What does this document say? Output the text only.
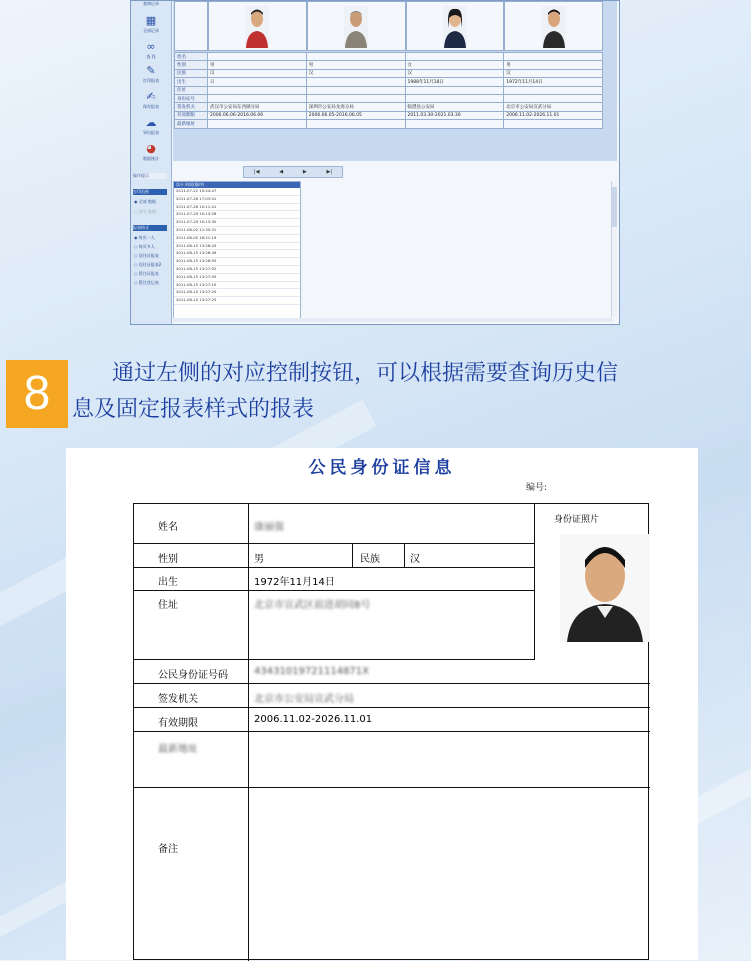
查询记录
▦
全部记录
∞
查 找
✎
打印报表
✍
保存报表
☁
导出报表
◕
数据统计
操作提示
打印范围
◉ 全部 数据
○ 部分 数据
报表格式
◉ 每页一人
○ 每页多人
○ 居住证报表
○ 居住证报表2
○ 暂住证报表
○ 暂住登记表
姓名				
性别	男	男	女	男
民族	汉	汉	汉	汉
出生	日		1988年11月18日	1972年11月14日
住址				
身份证号				
签发机关	武汉市公安局东西湖分局	深圳市公安局龙岗分局	临澧县公安局	北京市公安局宣武分局
有效期限	2006.06.06-2016.06.06	2006.06.05-2016.06.05	2011.03.30-2021.03.30	2006.11.02-2026.11.01
最新地址				
|◀	◀	▶	▶|
读卡 时间(顺序)
2011-07-22 15:24:47
2011-07-26 17:03:41
2011-07-26 10:11:41
2011-07-29 10:13:28
2011-07-29 10:13:30
2011-08-02 11:35:31
2011-08-05 16:21:19
2011-08-15 13:26:43
2011-08-15 13:26:49
2011-08-15 13:26:55
2011-08-15 13:27:02
2011-08-15 13:27:05
2011-08-15 13:27:10
2011-08-15 13:27:20
2011-08-15 13:27:25
8	通过左侧的对应控制按钮，可以根据需要查询历史信
息及固定报表样式的报表
公民身份证信息
编号:
姓名	康丽强
身份证照片
性别	男	民族	汉
出生	1972年11月14日
住址	北京市宣武区前进胡同8号
公民身份证号码	43431019721114871X
签发机关	北京市公安局宣武分局
有效期限	2006.11.02-2026.11.01
最新地址
备注
